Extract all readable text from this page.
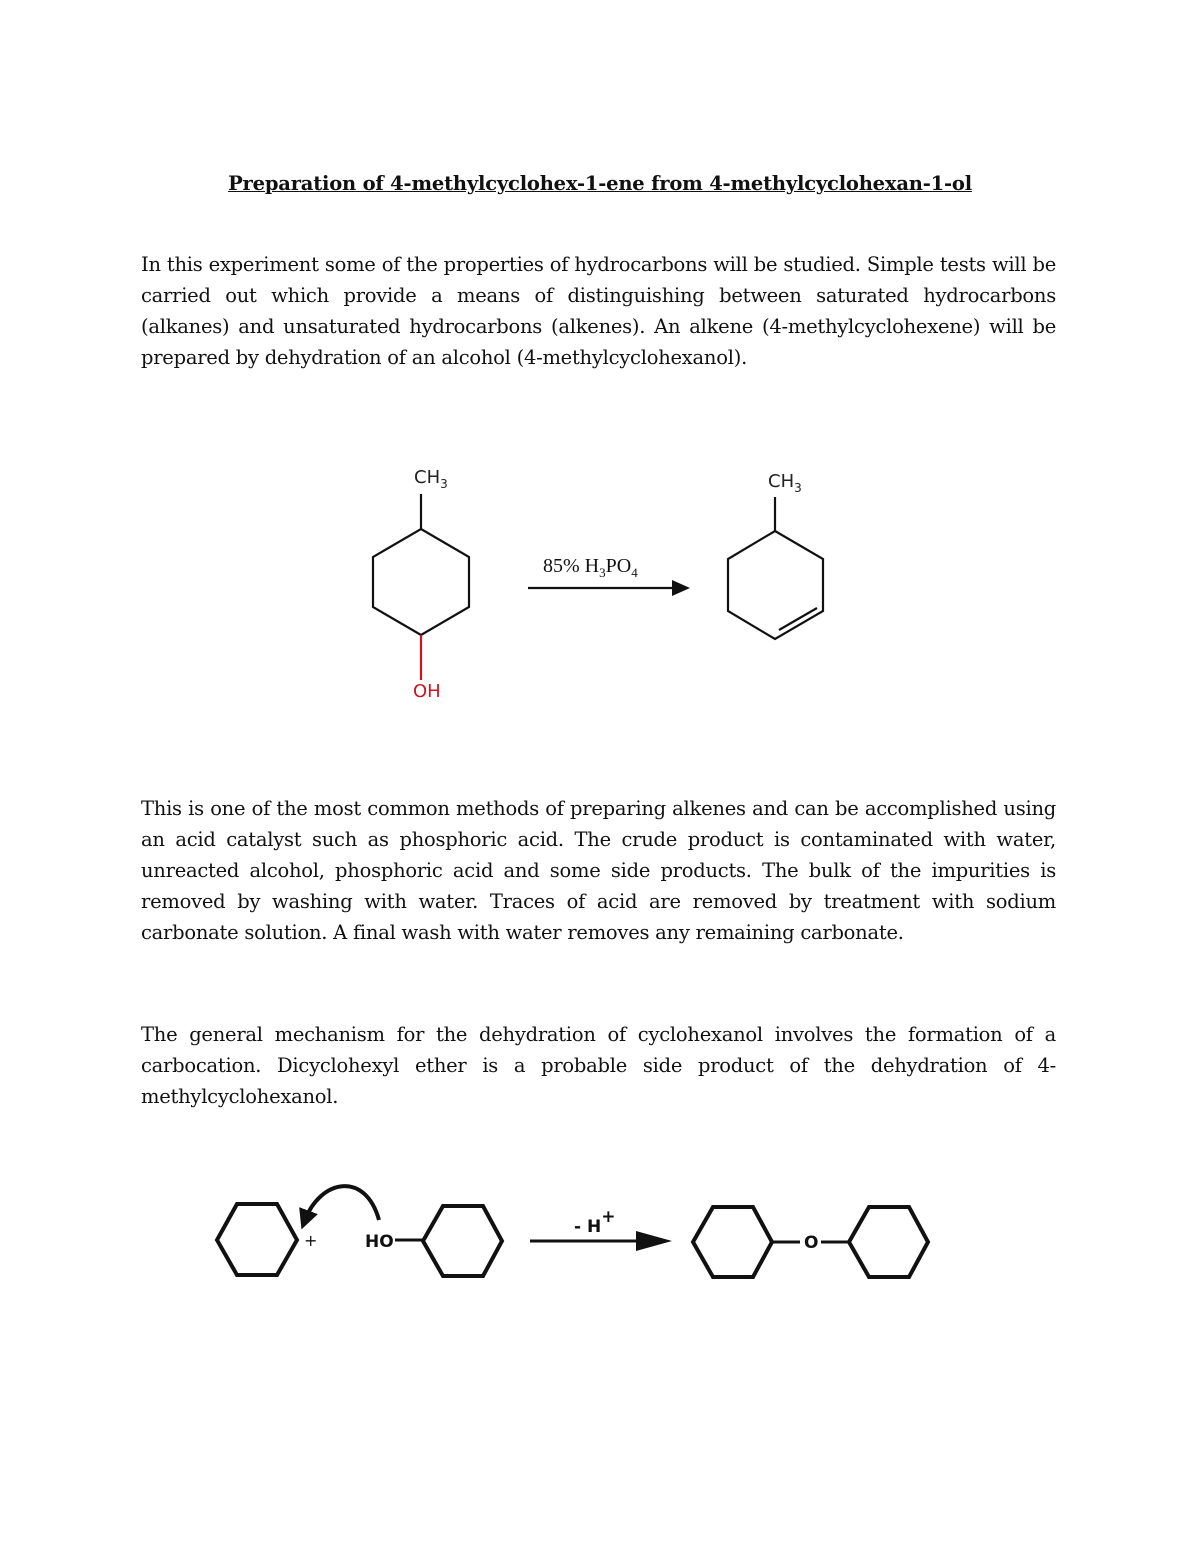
Preparation of 4-methylcyclohex-1-ene from 4-methylcyclohexan-1-ol

In this experiment some of the properties of hydrocarbons will be studied. Simple tests will be carried out which provide a means of distinguishing between saturated hydrocarbons (alkanes) and unsaturated hydrocarbons (alkenes). An alkene (4-methylcyclohexene) will be prepared by dehydration of an alcohol (4-methylcyclohexanol).

$CH_3$
OH
85% $H_3PO_4$
$CH_3$

This is one of the most common methods of preparing alkenes and can be accomplished using an acid catalyst such as phosphoric acid. The crude product is contaminated with water, unreacted alcohol, phosphoric acid and some side products. The bulk of the impurities is removed by washing with water. Traces of acid are removed by treatment with sodium carbonate solution. A final wash with water removes any remaining carbonate.

The general mechanism for the dehydration of cyclohexanol involves the formation of a carbocation. Dicyclohexyl ether is a probable side product of the dehydration of 4-methylcyclohexanol.

+	HO
- H+
O
